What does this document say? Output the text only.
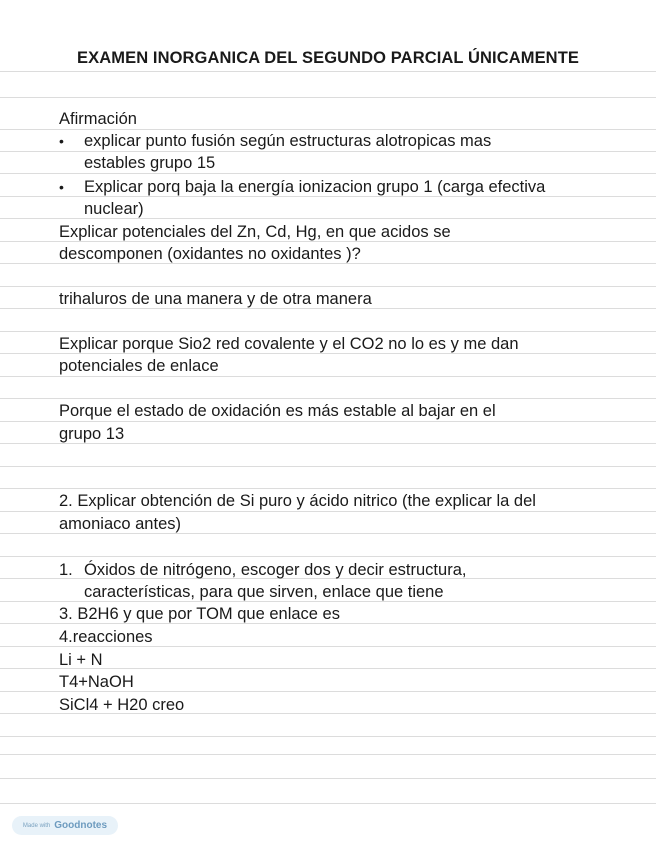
EXAMEN INORGANICA DEL SEGUNDO PARCIAL ÚNICAMENTE
Afirmación
• explicar punto fusión según estructuras alotropicas mas
estables grupo 15
• Explicar porq baja la energía ionizacion grupo 1 (carga efectiva
nuclear)
Explicar potenciales del Zn, Cd, Hg, en que acidos se
descomponen (oxidantes no oxidantes )?
trihaluros de una manera y de otra manera
Explicar porque Sio2 red covalente y el CO2 no lo es y me dan
potenciales de enlace
Porque el estado de oxidación es más estable al bajar en el
grupo 13
2. Explicar obtención de Si puro y ácido nitrico (the explicar la del
amoniaco antes)
1. Óxidos de nitrógeno, escoger dos y decir estructura,
características, para que sirven, enlace que tiene
3. B2H6 y que por TOM que enlace es
4.reacciones
Li + N
T4+NaOH
SiCl4 + H20 creo
Made with Goodnotes
